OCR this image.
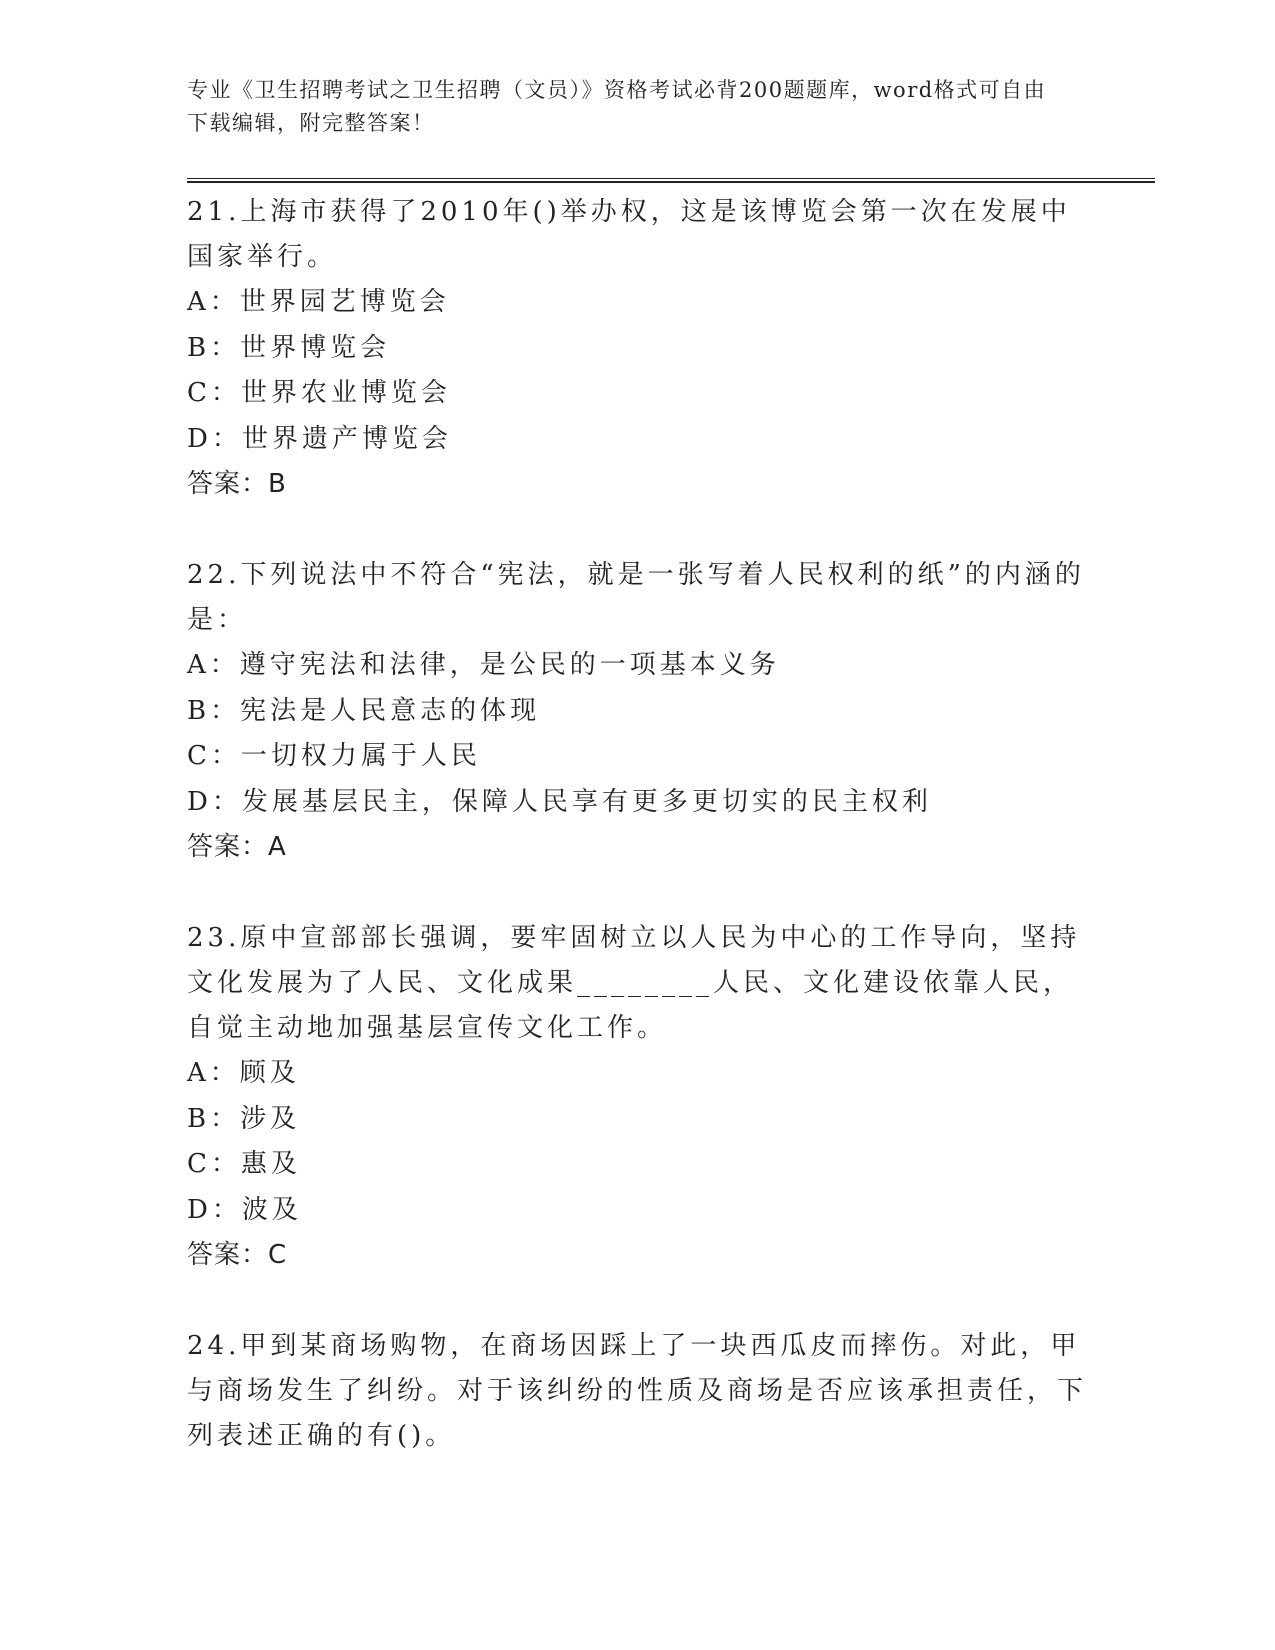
专业《卫生招聘考试之卫生招聘（文员）》资格考试必背200题题库，word格式可自由下载编辑，附完整答案！
21.上海市获得了2010年()举办权，这是该博览会第一次在发展中国家举行。
A：世界园艺博览会
B：世界博览会
C：世界农业博览会
D：世界遗产博览会
答案：B
22.下列说法中不符合“宪法，就是一张写着人民权利的纸”的内涵的是：
A：遵守宪法和法律，是公民的一项基本义务
B：宪法是人民意志的体现
C：一切权力属于人民
D：发展基层民主，保障人民享有更多更切实的民主权利
答案：A
23.原中宣部部长强调，要牢固树立以人民为中心的工作导向，坚持文化发展为了人民、文化成果________人民、文化建设依靠人民，自觉主动地加强基层宣传文化工作。
A：顾及
B：涉及
C：惠及
D：波及
答案：C
24.甲到某商场购物，在商场因踩上了一块西瓜皮而摔伤。对此，甲与商场发生了纠纷。对于该纠纷的性质及商场是否应该承担责任，下列表述正确的有()。
